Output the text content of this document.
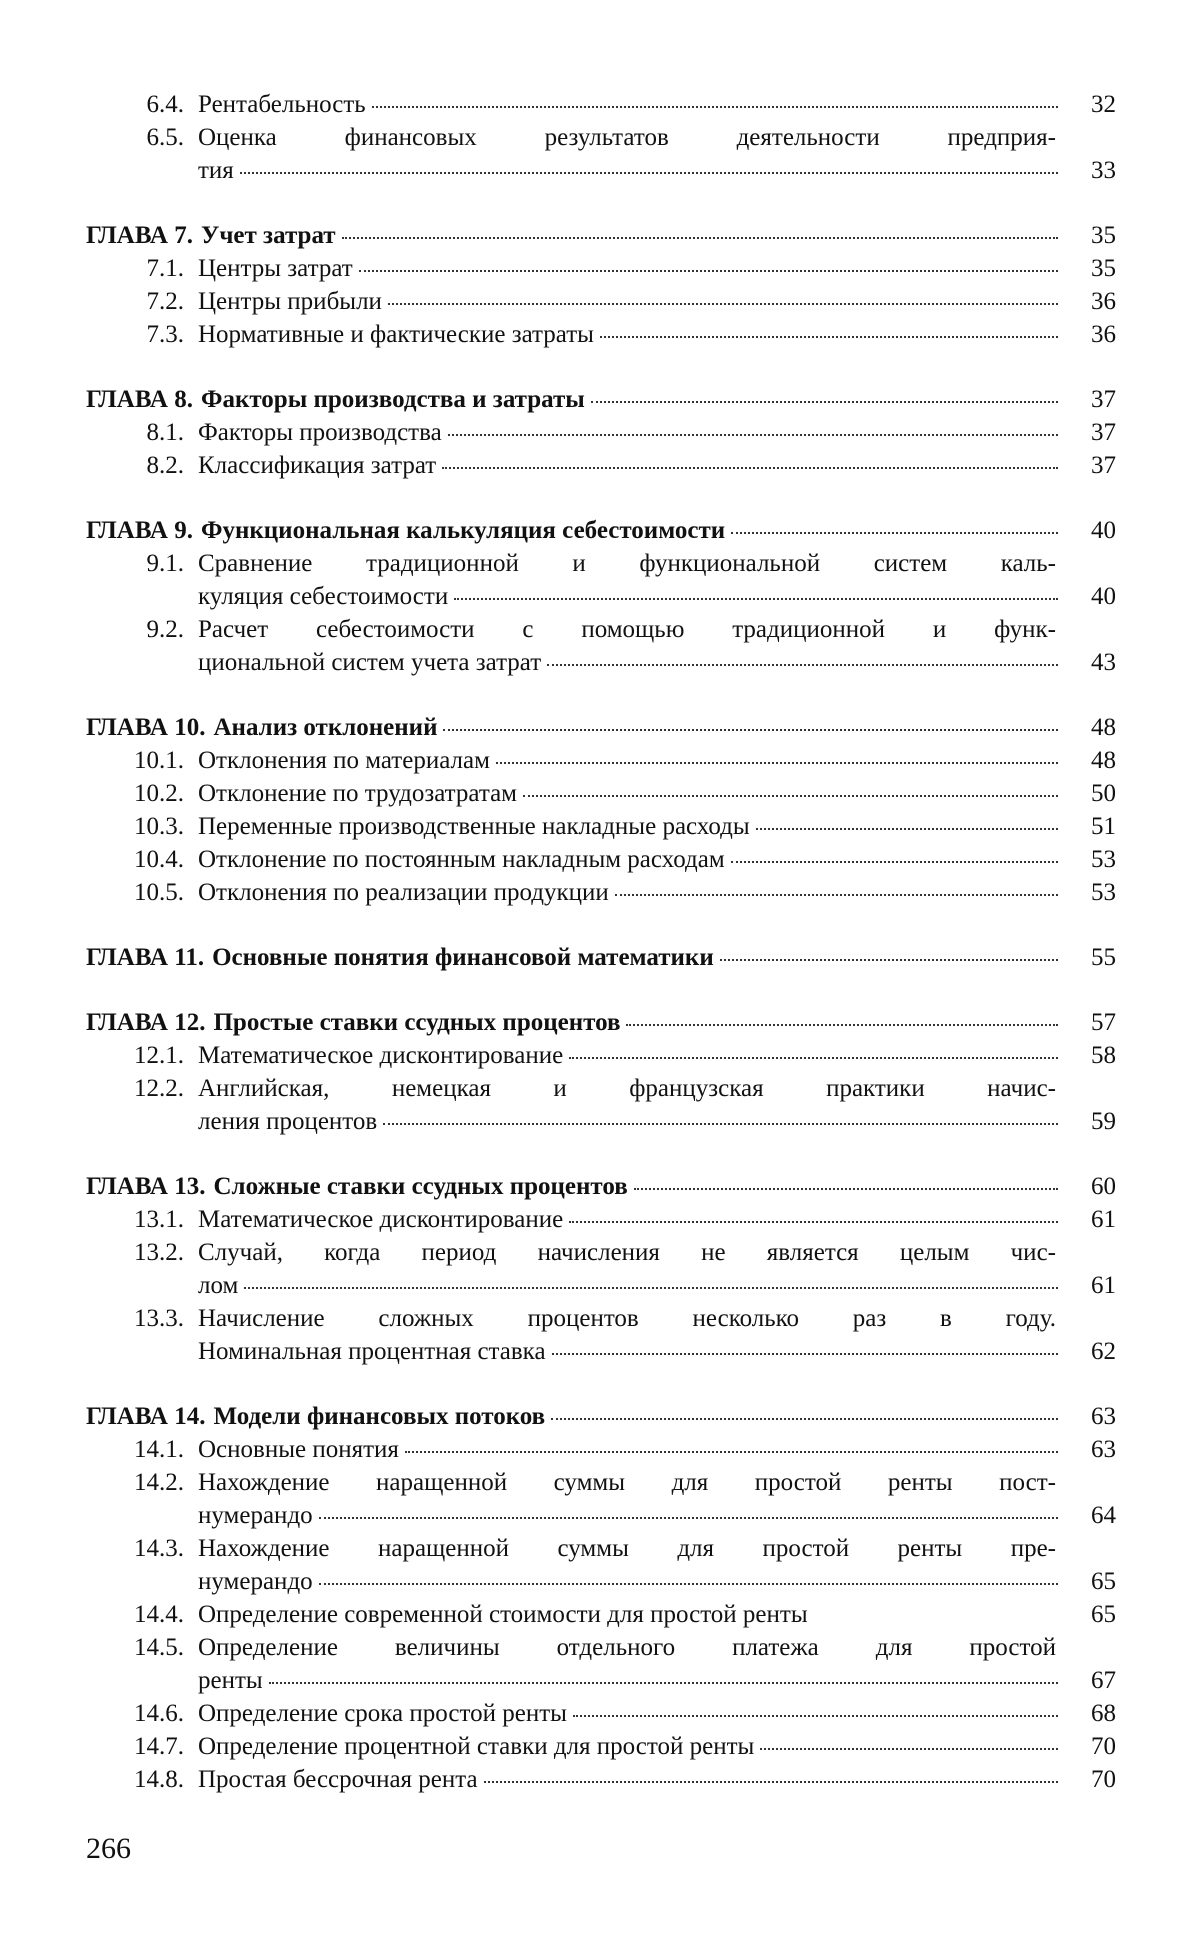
6.4. Рентабельность	32
6.5. Оценка финансовых результатов деятельности предприя-
тия	33
ГЛАВА 7. Учет затрат	35
7.1. Центры затрат	35
7.2. Центры прибыли	36
7.3. Нормативные и фактические затраты	36
ГЛАВА 8. Факторы производства и затраты	37
8.1. Факторы производства	37
8.2. Классификация затрат	37
ГЛАВА 9. Функциональная калькуляция себестоимости	40
9.1. Сравнение традиционной и функциональной систем каль-
куляция себестоимости	40
9.2. Расчет себестоимости с помощью традиционной и функ-
циональной систем учета затрат	43
ГЛАВА 10. Анализ отклонений	48
10.1. Отклонения по материалам	48
10.2. Отклонение по трудозатратам	50
10.3. Переменные производственные накладные расходы	51
10.4. Отклонение по постоянным накладным расходам	53
10.5. Отклонения по реализации продукции	53
ГЛАВА 11. Основные понятия финансовой математики	55
ГЛАВА 12. Простые ставки ссудных процентов	57
12.1. Математическое дисконтирование	58
12.2. Английская, немецкая и французская практики начис-
ления процентов	59
ГЛАВА 13. Сложные ставки ссудных процентов	60
13.1. Математическое дисконтирование	61
13.2. Случай, когда период начисления не является целым чис-
лом	61
13.3. Начисление сложных процентов несколько раз в году.
Номинальная процентная ставка	62
ГЛАВА 14. Модели финансовых потоков	63
14.1. Основные понятия	63
14.2. Нахождение наращенной суммы для простой ренты пост-
нумерандо	64
14.3. Нахождение наращенной суммы для простой ренты пре-
нумерандо	65
14.4. Определение современной стоимости для простой ренты	65
14.5. Определение величины отдельного платежа для простой
ренты	67
14.6. Определение срока простой ренты	68
14.7. Определение процентной ставки для простой ренты	70
14.8. Простая бессрочная рента	70
266
